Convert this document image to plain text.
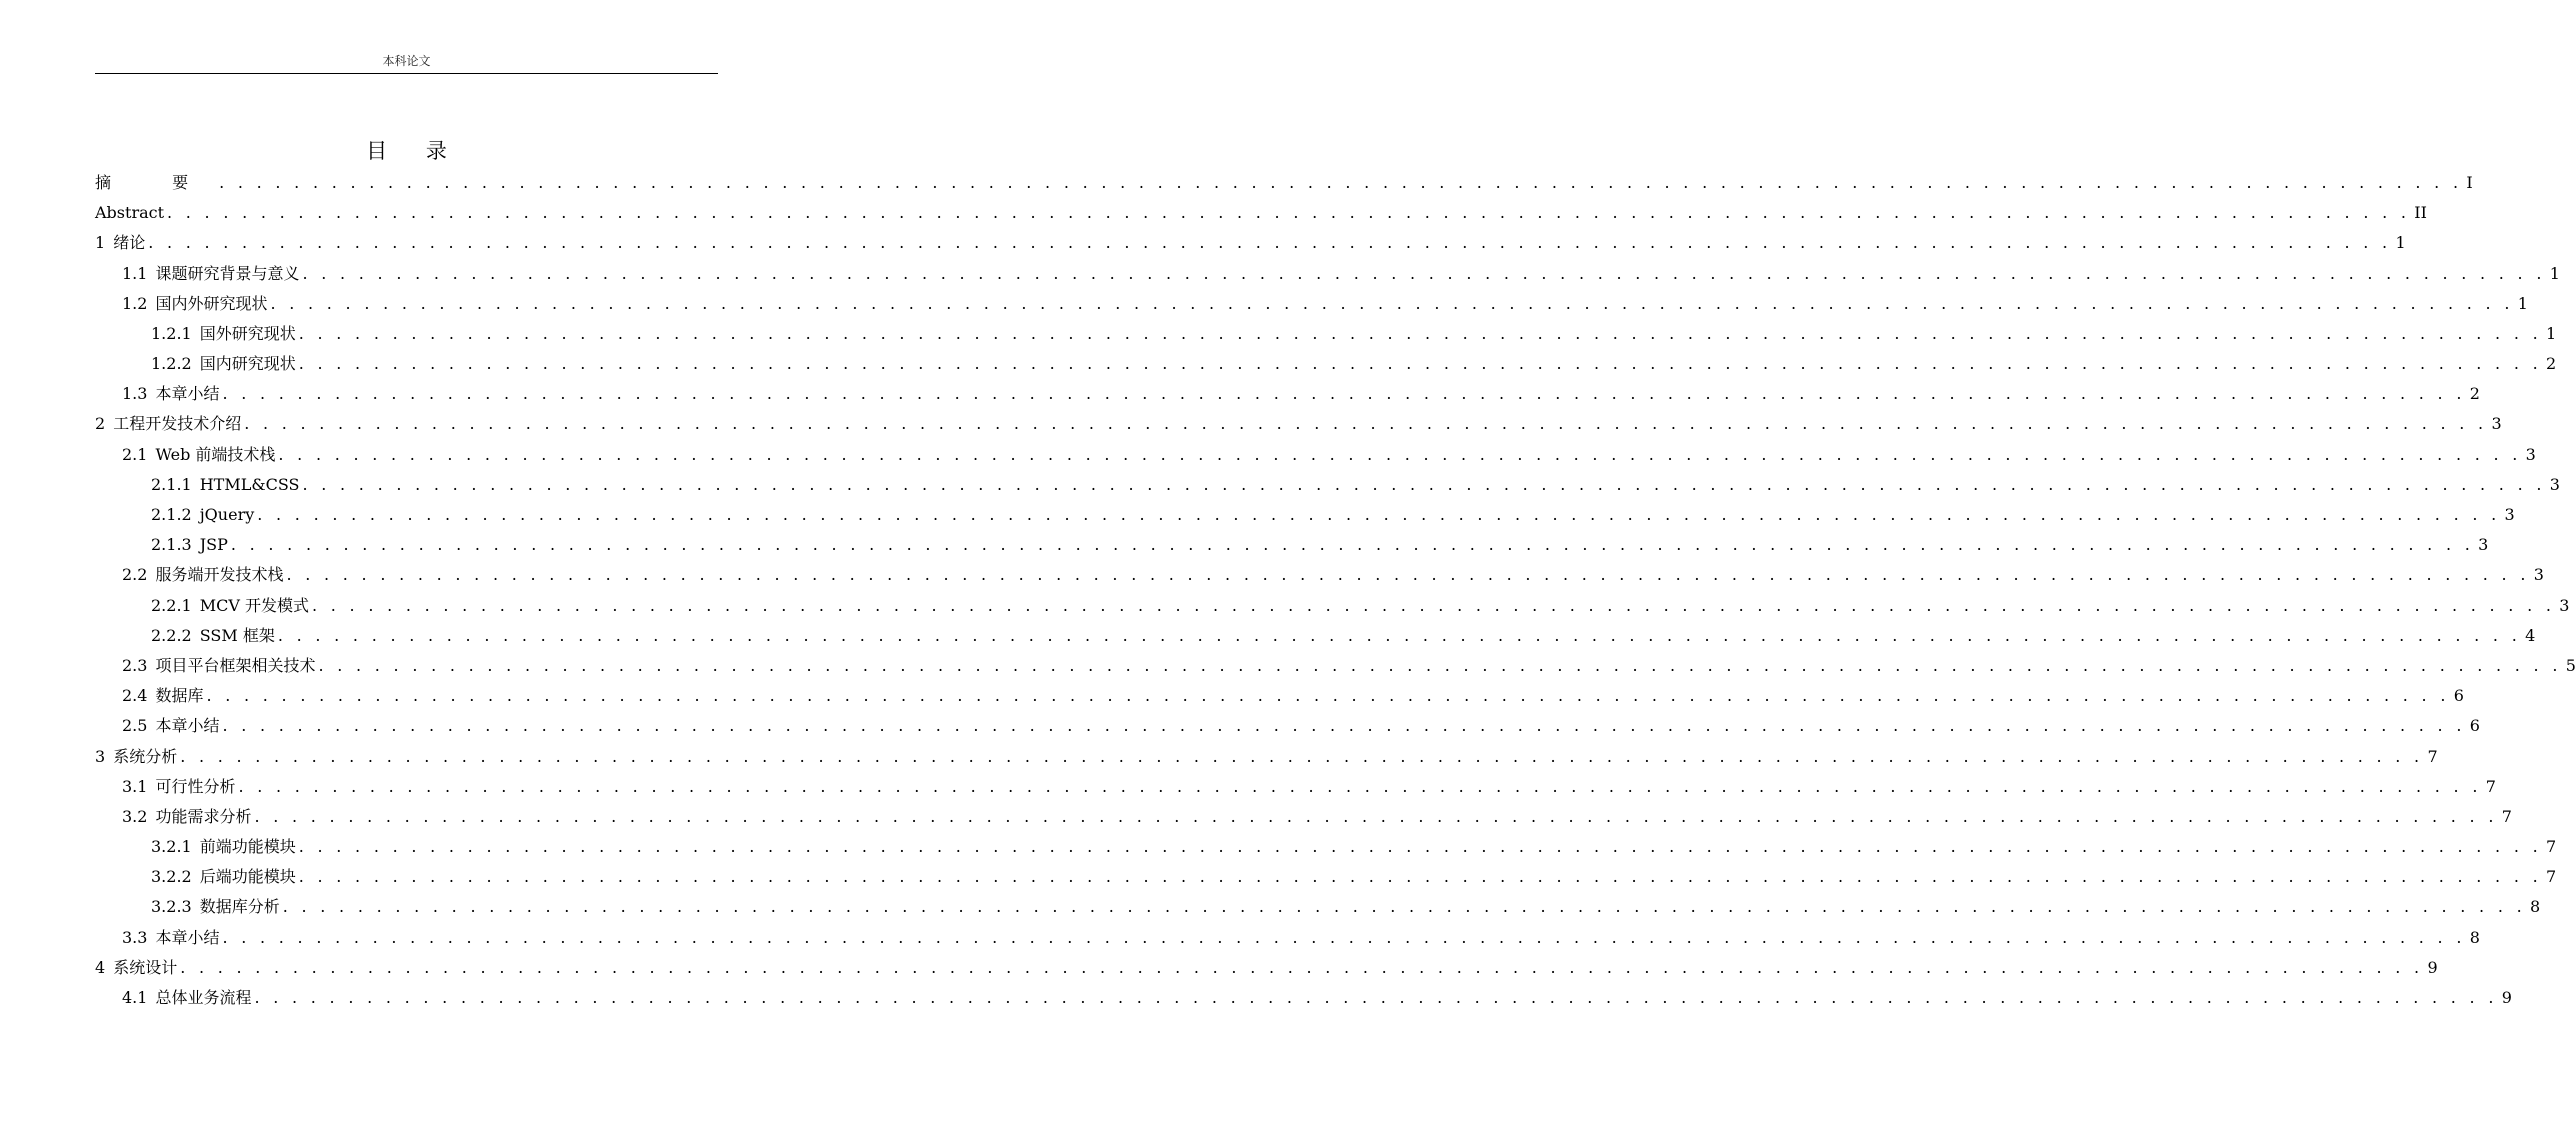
本科论文
目 录
摘 要 . . . . . . . . . . . . . . . . . . . . . . . . . . . . . . . . . . . . . . . . . . . . . . . . . . . . . . . . . . . . . . . . . . . . . . . . . . . . . . . . . . . . . . . . . . . . . . . . . . . . . . . . . . . . . . . . . . . . . . . . I
Abstract . . . . . . . . . . . . . . . . . . . . . . . . . . . . . . . . . . . . . . . . . . . . . . . . . . . . . . . . . . . . . . . . . . . . . . . . . . . . . . . . . . . . . . . . . . . . . . . . . . . . . . . . . . . . . . . . . . . . . . . . II
1 绪论 . . . . . . . . . . . . . . . . . . . . . . . . . . . . . . . . . . . . . . . . . . . . . . . . . . . . . . . . . . . . . . . . . . . . . . . . . . . . . . . . . . . . . . . . . . . . . . . . . . . . . . . . . . . . . . . . . . . . . . . . 1
1.1 课题研究背景与意义 . . . . . . . . . . . . . . . . . . . . . . . . . . . . . . . . . . . . . . . . . . . . . . . . . . . . . . . . . . . . . . . . . . . . . . . . . . . . . . . . . . . . . . . . . . . . . . . . . . . . . . . . . . . . . . . . . . . . . . . . 1
1.2 国内外研究现状 . . . . . . . . . . . . . . . . . . . . . . . . . . . . . . . . . . . . . . . . . . . . . . . . . . . . . . . . . . . . . . . . . . . . . . . . . . . . . . . . . . . . . . . . . . . . . . . . . . . . . . . . . . . . . . . . . . . . . . . . 1
1.2.1 国外研究现状 . . . . . . . . . . . . . . . . . . . . . . . . . . . . . . . . . . . . . . . . . . . . . . . . . . . . . . . . . . . . . . . . . . . . . . . . . . . . . . . . . . . . . . . . . . . . . . . . . . . . . . . . . . . . . . . . . . . . . . . . 1
1.2.2 国内研究现状 . . . . . . . . . . . . . . . . . . . . . . . . . . . . . . . . . . . . . . . . . . . . . . . . . . . . . . . . . . . . . . . . . . . . . . . . . . . . . . . . . . . . . . . . . . . . . . . . . . . . . . . . . . . . . . . . . . . . . . . . 2
1.3 本章小结 . . . . . . . . . . . . . . . . . . . . . . . . . . . . . . . . . . . . . . . . . . . . . . . . . . . . . . . . . . . . . . . . . . . . . . . . . . . . . . . . . . . . . . . . . . . . . . . . . . . . . . . . . . . . . . . . . . . . . . . . 2
2 工程开发技术介绍 . . . . . . . . . . . . . . . . . . . . . . . . . . . . . . . . . . . . . . . . . . . . . . . . . . . . . . . . . . . . . . . . . . . . . . . . . . . . . . . . . . . . . . . . . . . . . . . . . . . . . . . . . . . . . . . . . . . . . . . . 3
2.1 Web 前端技术栈 . . . . . . . . . . . . . . . . . . . . . . . . . . . . . . . . . . . . . . . . . . . . . . . . . . . . . . . . . . . . . . . . . . . . . . . . . . . . . . . . . . . . . . . . . . . . . . . . . . . . . . . . . . . . . . . . . . . . . . . . 3
2.1.1 HTML&CSS . . . . . . . . . . . . . . . . . . . . . . . . . . . . . . . . . . . . . . . . . . . . . . . . . . . . . . . . . . . . . . . . . . . . . . . . . . . . . . . . . . . . . . . . . . . . . . . . . . . . . . . . . . . . . . . . . . . . . . . . 3
2.1.2 jQuery . . . . . . . . . . . . . . . . . . . . . . . . . . . . . . . . . . . . . . . . . . . . . . . . . . . . . . . . . . . . . . . . . . . . . . . . . . . . . . . . . . . . . . . . . . . . . . . . . . . . . . . . . . . . . . . . . . . . . . . . 3
2.1.3 JSP . . . . . . . . . . . . . . . . . . . . . . . . . . . . . . . . . . . . . . . . . . . . . . . . . . . . . . . . . . . . . . . . . . . . . . . . . . . . . . . . . . . . . . . . . . . . . . . . . . . . . . . . . . . . . . . . . . . . . . . . 3
2.2 服务端开发技术栈 . . . . . . . . . . . . . . . . . . . . . . . . . . . . . . . . . . . . . . . . . . . . . . . . . . . . . . . . . . . . . . . . . . . . . . . . . . . . . . . . . . . . . . . . . . . . . . . . . . . . . . . . . . . . . . . . . . . . . . . . 3
2.2.1 MCV 开发模式 . . . . . . . . . . . . . . . . . . . . . . . . . . . . . . . . . . . . . . . . . . . . . . . . . . . . . . . . . . . . . . . . . . . . . . . . . . . . . . . . . . . . . . . . . . . . . . . . . . . . . . . . . . . . . . . . . . . . . . . . 3
2.2.2 SSM 框架 . . . . . . . . . . . . . . . . . . . . . . . . . . . . . . . . . . . . . . . . . . . . . . . . . . . . . . . . . . . . . . . . . . . . . . . . . . . . . . . . . . . . . . . . . . . . . . . . . . . . . . . . . . . . . . . . . . . . . . . . 4
2.3 项目平台框架相关技术 . . . . . . . . . . . . . . . . . . . . . . . . . . . . . . . . . . . . . . . . . . . . . . . . . . . . . . . . . . . . . . . . . . . . . . . . . . . . . . . . . . . . . . . . . . . . . . . . . . . . . . . . . . . . . . . . . . . . . . . . 5
2.4 数据库 . . . . . . . . . . . . . . . . . . . . . . . . . . . . . . . . . . . . . . . . . . . . . . . . . . . . . . . . . . . . . . . . . . . . . . . . . . . . . . . . . . . . . . . . . . . . . . . . . . . . . . . . . . . . . . . . . . . . . . . . 6
2.5 本章小结 . . . . . . . . . . . . . . . . . . . . . . . . . . . . . . . . . . . . . . . . . . . . . . . . . . . . . . . . . . . . . . . . . . . . . . . . . . . . . . . . . . . . . . . . . . . . . . . . . . . . . . . . . . . . . . . . . . . . . . . . 6
3 系统分析 . . . . . . . . . . . . . . . . . . . . . . . . . . . . . . . . . . . . . . . . . . . . . . . . . . . . . . . . . . . . . . . . . . . . . . . . . . . . . . . . . . . . . . . . . . . . . . . . . . . . . . . . . . . . . . . . . . . . . . . . 7
3.1 可行性分析 . . . . . . . . . . . . . . . . . . . . . . . . . . . . . . . . . . . . . . . . . . . . . . . . . . . . . . . . . . . . . . . . . . . . . . . . . . . . . . . . . . . . . . . . . . . . . . . . . . . . . . . . . . . . . . . . . . . . . . . . 7
3.2 功能需求分析 . . . . . . . . . . . . . . . . . . . . . . . . . . . . . . . . . . . . . . . . . . . . . . . . . . . . . . . . . . . . . . . . . . . . . . . . . . . . . . . . . . . . . . . . . . . . . . . . . . . . . . . . . . . . . . . . . . . . . . . . 7
3.2.1 前端功能模块 . . . . . . . . . . . . . . . . . . . . . . . . . . . . . . . . . . . . . . . . . . . . . . . . . . . . . . . . . . . . . . . . . . . . . . . . . . . . . . . . . . . . . . . . . . . . . . . . . . . . . . . . . . . . . . . . . . . . . . . . 7
3.2.2 后端功能模块 . . . . . . . . . . . . . . . . . . . . . . . . . . . . . . . . . . . . . . . . . . . . . . . . . . . . . . . . . . . . . . . . . . . . . . . . . . . . . . . . . . . . . . . . . . . . . . . . . . . . . . . . . . . . . . . . . . . . . . . . 7
3.2.3 数据库分析 . . . . . . . . . . . . . . . . . . . . . . . . . . . . . . . . . . . . . . . . . . . . . . . . . . . . . . . . . . . . . . . . . . . . . . . . . . . . . . . . . . . . . . . . . . . . . . . . . . . . . . . . . . . . . . . . . . . . . . . . 8
3.3 本章小结 . . . . . . . . . . . . . . . . . . . . . . . . . . . . . . . . . . . . . . . . . . . . . . . . . . . . . . . . . . . . . . . . . . . . . . . . . . . . . . . . . . . . . . . . . . . . . . . . . . . . . . . . . . . . . . . . . . . . . . . . 8
4 系统设计 . . . . . . . . . . . . . . . . . . . . . . . . . . . . . . . . . . . . . . . . . . . . . . . . . . . . . . . . . . . . . . . . . . . . . . . . . . . . . . . . . . . . . . . . . . . . . . . . . . . . . . . . . . . . . . . . . . . . . . . . 9
4.1 总体业务流程 . . . . . . . . . . . . . . . . . . . . . . . . . . . . . . . . . . . . . . . . . . . . . . . . . . . . . . . . . . . . . . . . . . . . . . . . . . . . . . . . . . . . . . . . . . . . . . . . . . . . . . . . . . . . . . . . . . . . . . . . 9
